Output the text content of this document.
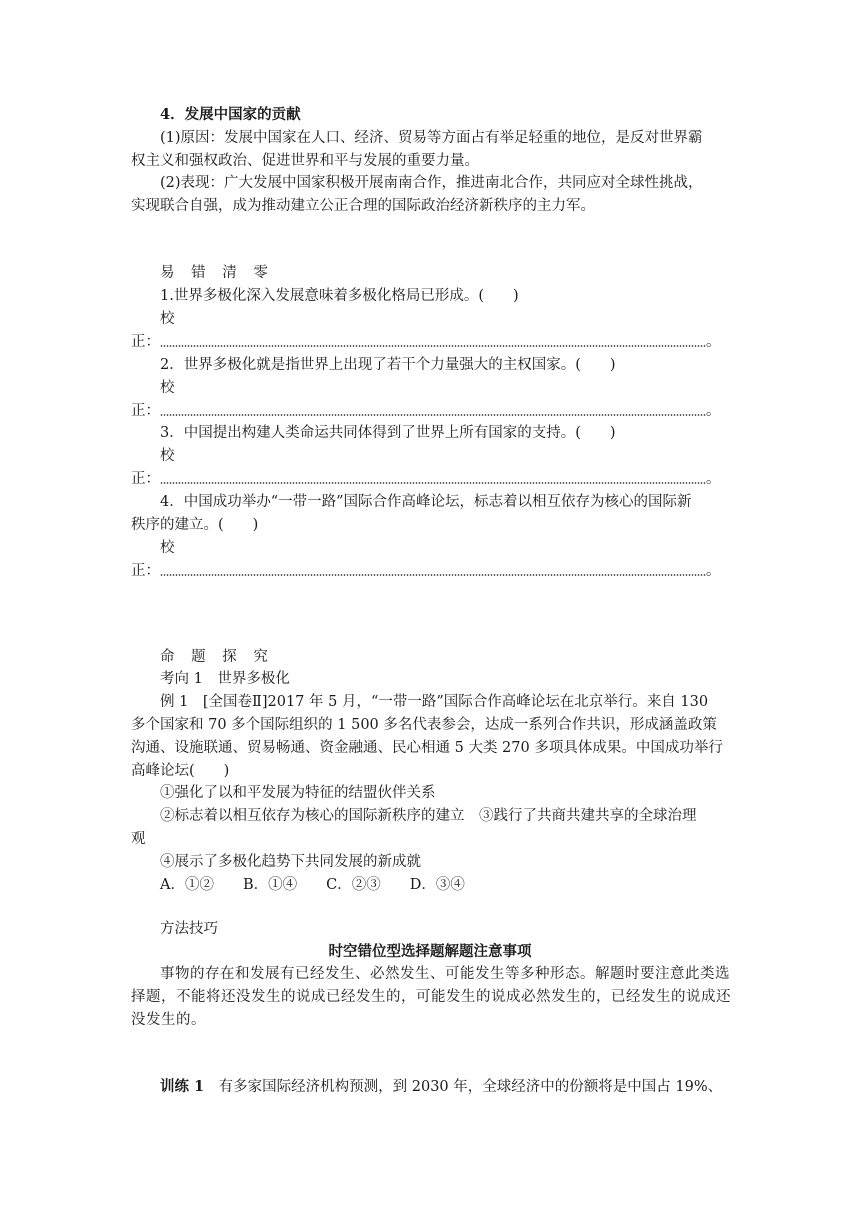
4．发展中国家的贡献
(1)原因：发展中国家在人口、经济、贸易等方面占有举足轻重的地位，是反对世界霸
权主义和强权政治、促进世界和平与发展的重要力量。
(2)表现：广大发展中国家积极开展南南合作，推进南北合作，共同应对全球性挑战，
实现联合自强，成为推动建立公正合理的国际政治经济新秩序的主力军。
易 错 清 零
1.世界多极化深入发展意味着多极化格局已形成。(　　)
校
正：	。
2．世界多极化就是指世界上出现了若干个力量强大的主权国家。(　　)
校
正：	。
3．中国提出构建人类命运共同体得到了世界上所有国家的支持。(　　)
校
正：	。
4．中国成功举办“一带一路”国际合作高峰论坛，标志着以相互依存为核心的国际新
秩序的建立。(　　)
校
正：	。
命 题 探 究
考向 1　世界多极化
例 1　[全国卷Ⅱ]2017 年 5 月，“一带一路”国际合作高峰论坛在北京举行。来自 130
多个国家和 70 多个国际组织的 1 500 多名代表参会，达成一系列合作共识，形成涵盖政策
沟通、设施联通、贸易畅通、资金融通、民心相通 5 大类 270 多项具体成果。中国成功举行
高峰论坛(　　)
①强化了以和平发展为特征的结盟伙伴关系
②标志着以相互依存为核心的国际新秩序的建立　③践行了共商共建共享的全球治理
观
④展示了多极化趋势下共同发展的新成就
A．①②　　B．①④　　C．②③　　D．③④
方法技巧
时空错位型选择题解题注意事项
事物的存在和发展有已经发生、必然发生、可能发生等多种形态。解题时要注意此类选
择题，不能将还没发生的说成已经发生的，可能发生的说成必然发生的，已经发生的说成还
没发生的。
训练 1　有多家国际经济机构预测，到 2030 年，全球经济中的份额将是中国占 19%、
